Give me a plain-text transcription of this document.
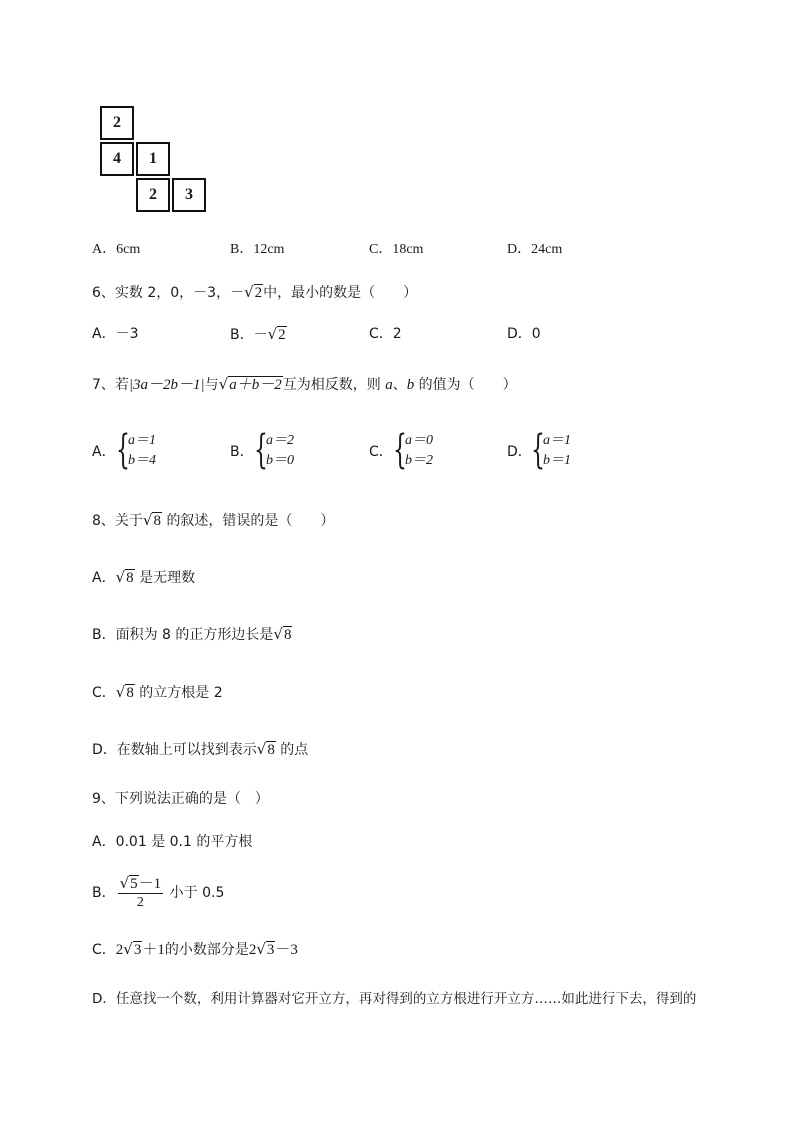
2
4	1
2	3
A．6cm	B．12cm	C．18cm	D．24cm
6、实数 2，0，－3，－√2中，最小的数是（　　）
A．－3	B．－√2	C．2	D．0
7、若|3a－2b－1|与√a＋b－2互为相反数，则 a、b 的值为（　　）
A． {
a＝1
b＝4
B． {
a＝2
b＝0
C． {
a＝0
b＝2
D． {
a＝1
b＝1
8、关于√8 的叙述，错误的是（　　）
A．√8 是无理数
B．面积为 8 的正方形边长是√8
C．√8 的立方根是 2
D．在数轴上可以找到表示√8 的点
9、下列说法正确的是（　）
A．0.01 是 0.1 的平方根
B． $\frac{√5-1}{2}$ 小于 0.5
C．2√3＋1的小数部分是2√3－3
D．任意找一个数，利用计算器对它开立方，再对得到的立方根进行开立方……如此进行下去，得到的
